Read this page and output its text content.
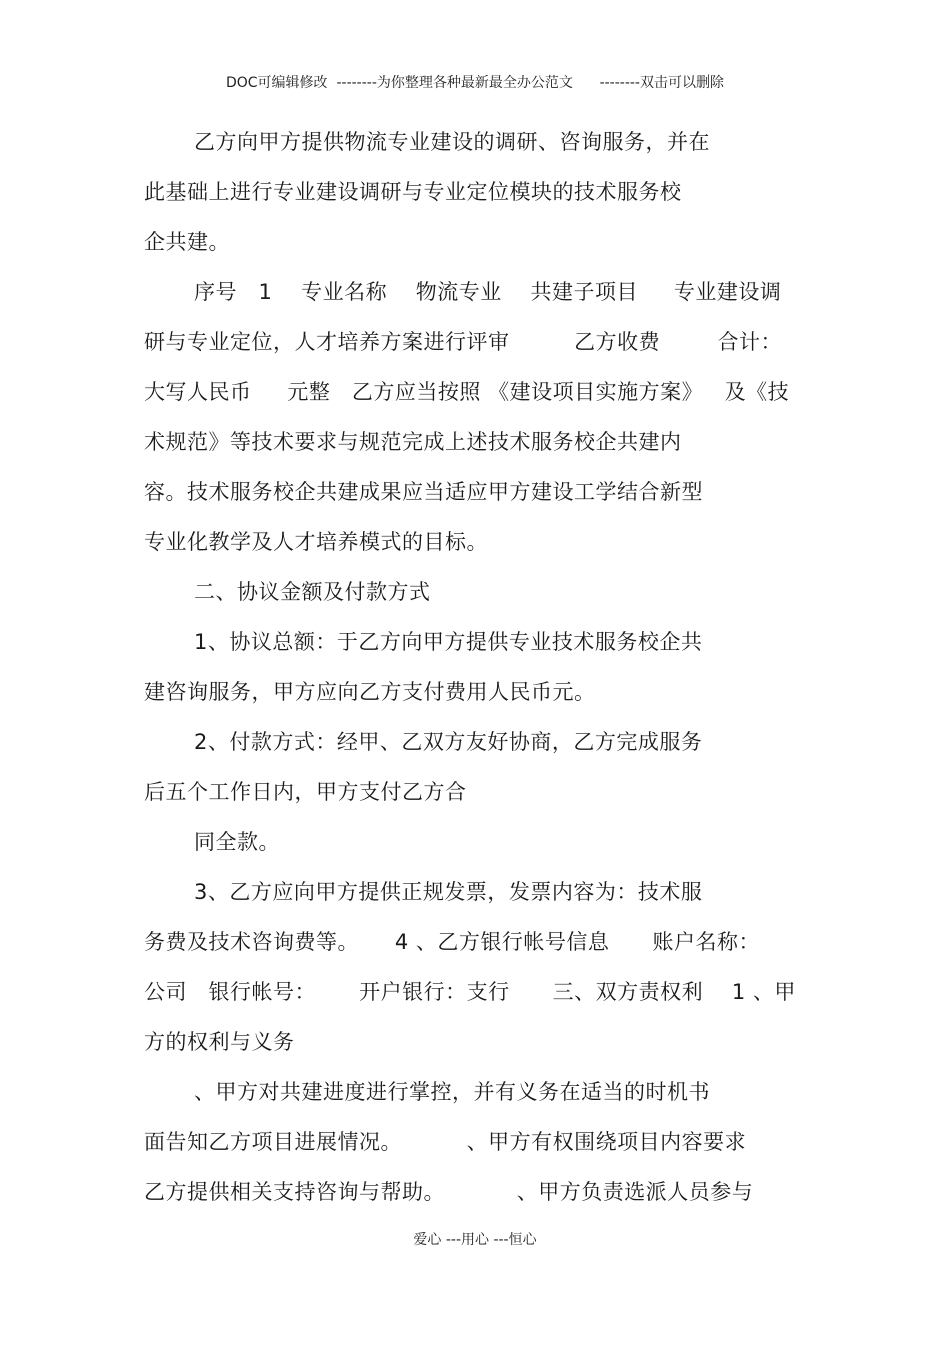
DOC可编辑修改  --------为你整理各种最新最全办公范文      --------双击可以删除
乙方向甲方提供物流专业建设的调研、咨询服务，并在
此基础上进行专业建设调研与专业定位模块的技术服务校
企共建。
序号   1    专业名称    物流专业    共建子项目     专业建设调
研与专业定位，人才培养方案进行评审         乙方收费        合计：
大写人民币     元整   乙方应当按照 《建设项目实施方案》   及《技
术规范》等技术要求与规范完成上述技术服务校企共建内
容。技术服务校企共建成果应当适应甲方建设工学结合新型
专业化教学及人才培养模式的目标。
二、协议金额及付款方式
1、协议总额：于乙方向甲方提供专业技术服务校企共
建咨询服务，甲方应向乙方支付费用人民币元。
2、付款方式：经甲、乙双方友好协商，乙方完成服务
后五个工作日内，甲方支付乙方合
同全款。
3、乙方应向甲方提供正规发票，发票内容为：技术服
务费及技术咨询费等。     4 、乙方银行帐号信息      账户名称：
公司   银行帐号：      开户银行：支行      三、双方责权利    1 、甲
方的权利与义务
、甲方对共建进度进行掌控，并有义务在适当的时机书
面告知乙方项目进展情况。         、甲方有权围绕项目内容要求
乙方提供相关支持咨询与帮助。          、甲方负责选派人员参与
爱心 ---用心 ---恒心
